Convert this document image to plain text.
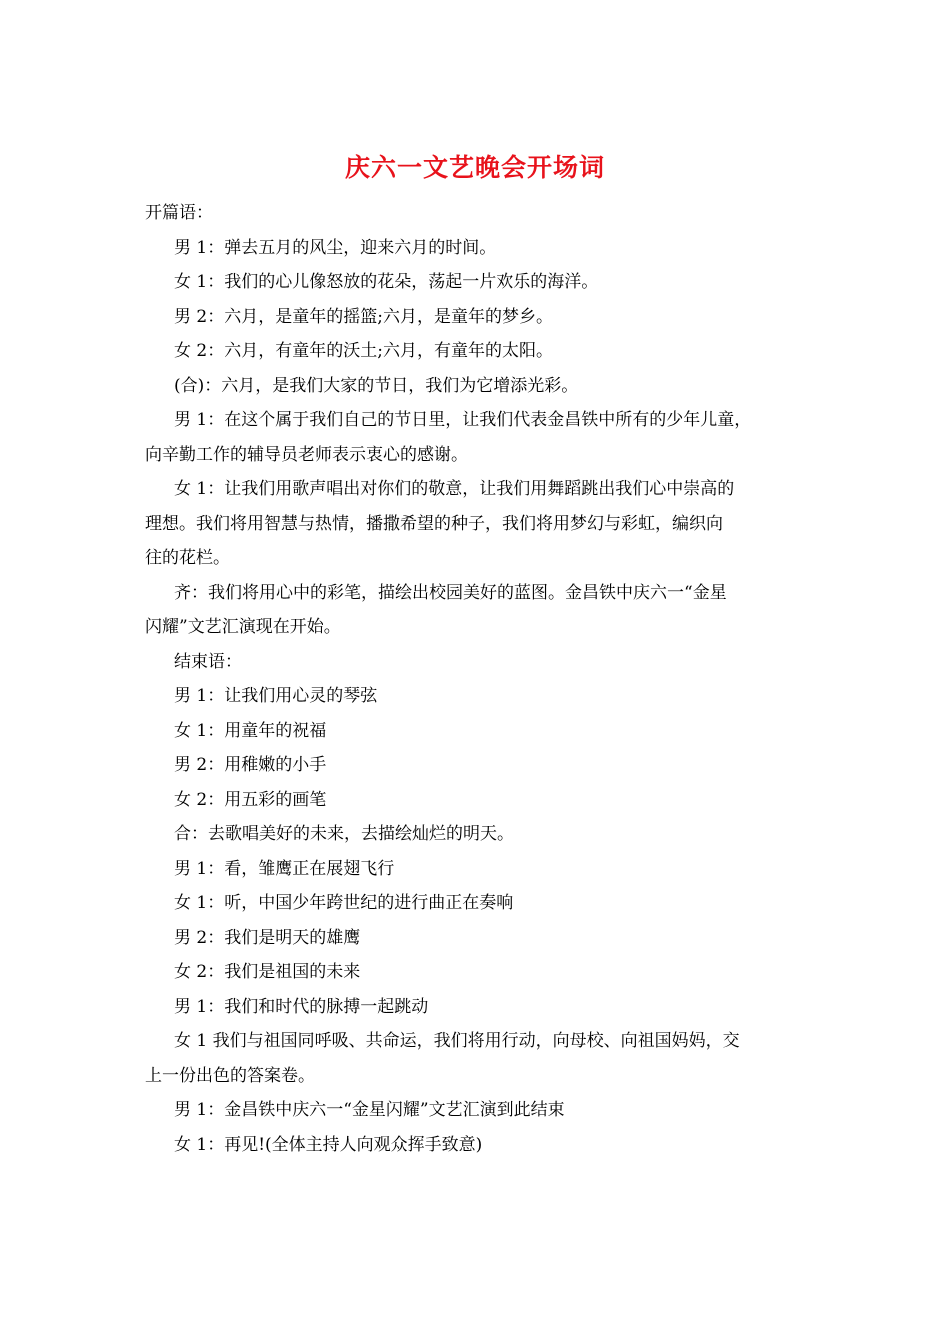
庆六一文艺晚会开场词
开篇语：
男 1：弹去五月的风尘，迎来六月的时间。
女 1：我们的心儿像怒放的花朵，荡起一片欢乐的海洋。
男 2：六月，是童年的摇篮;六月，是童年的梦乡。
女 2：六月，有童年的沃土;六月，有童年的太阳。
(合)：六月，是我们大家的节日，我们为它增添光彩。
男 1：在这个属于我们自己的节日里，让我们代表金昌铁中所有的少年儿童，
向辛勤工作的辅导员老师表示衷心的感谢。
女 1：让我们用歌声唱出对你们的敬意，让我们用舞蹈跳出我们心中崇高的
理想。我们将用智慧与热情，播撒希望的种子，我们将用梦幻与彩虹，编织向
往的花栏。
齐：我们将用心中的彩笔，描绘出校园美好的蓝图。金昌铁中庆六一“金星
闪耀”文艺汇演现在开始。
结束语：
男 1：让我们用心灵的琴弦
女 1：用童年的祝福
男 2：用稚嫩的小手
女 2：用五彩的画笔
合：去歌唱美好的未来，去描绘灿烂的明天。
男 1：看，雏鹰正在展翅飞行
女 1：听，中国少年跨世纪的进行曲正在奏响
男 2：我们是明天的雄鹰
女 2：我们是祖国的未来
男 1：我们和时代的脉搏一起跳动
女 1 我们与祖国同呼吸、共命运，我们将用行动，向母校、向祖国妈妈，交
上一份出色的答案卷。
男 1：金昌铁中庆六一“金星闪耀”文艺汇演到此结束
女 1：再见!(全体主持人向观众挥手致意)
